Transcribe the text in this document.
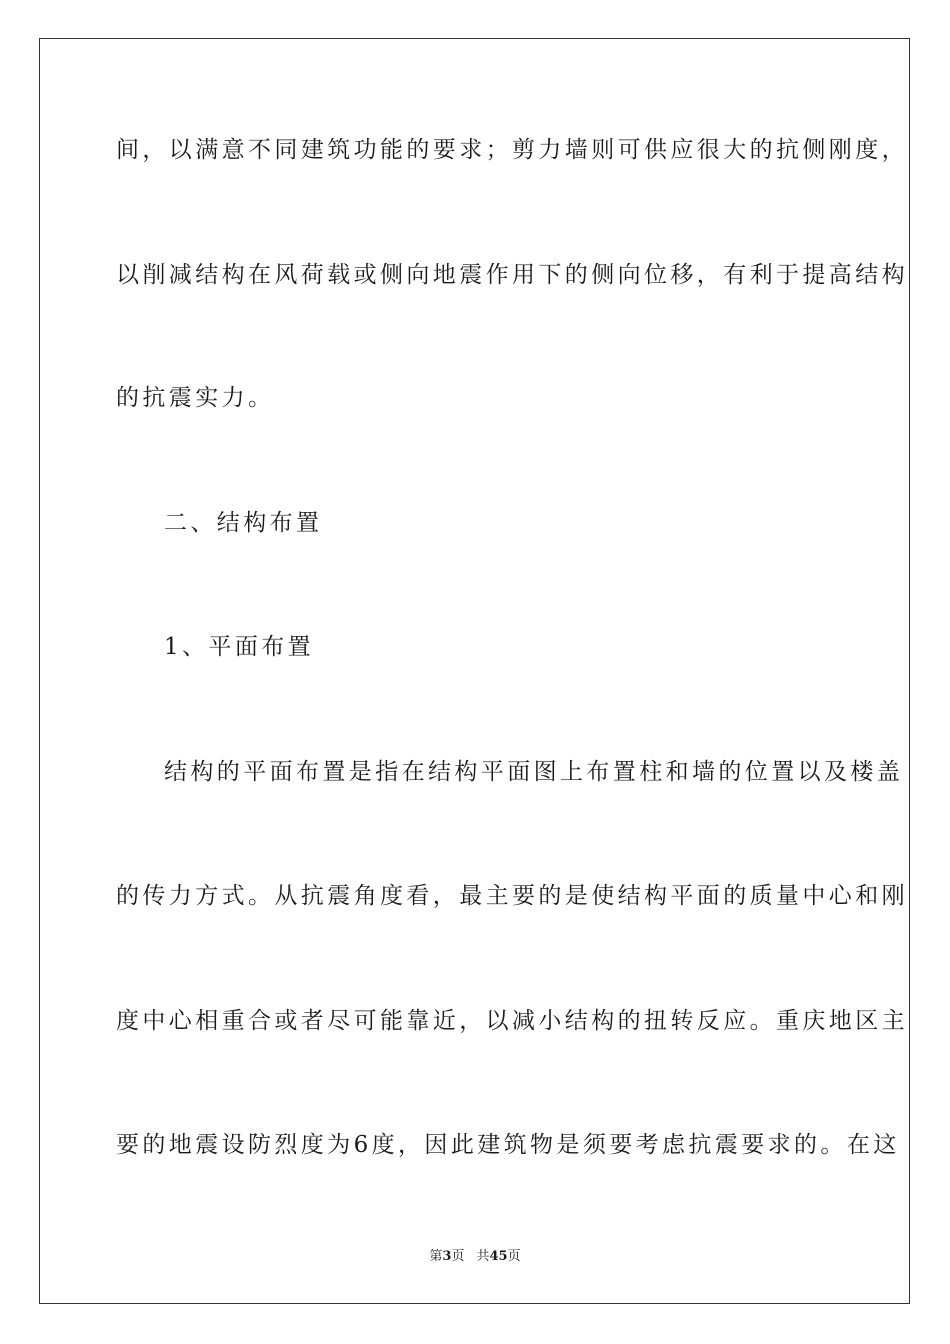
间，以满意不同建筑功能的要求；剪力墙则可供应很大的抗侧刚度，

以削减结构在风荷载或侧向地震作用下的侧向位移，有利于提高结构

的抗震实力。

二、结构布置

1、平面布置

结构的平面布置是指在结构平面图上布置柱和墙的位置以及楼盖

的传力方式。从抗震角度看，最主要的是使结构平面的质量中心和刚

度中心相重合或者尽可能靠近，以减小结构的扭转反应。重庆地区主

要的地震设防烈度为6度，因此建筑物是须要考虑抗震要求的。在这

第3页 共45页
